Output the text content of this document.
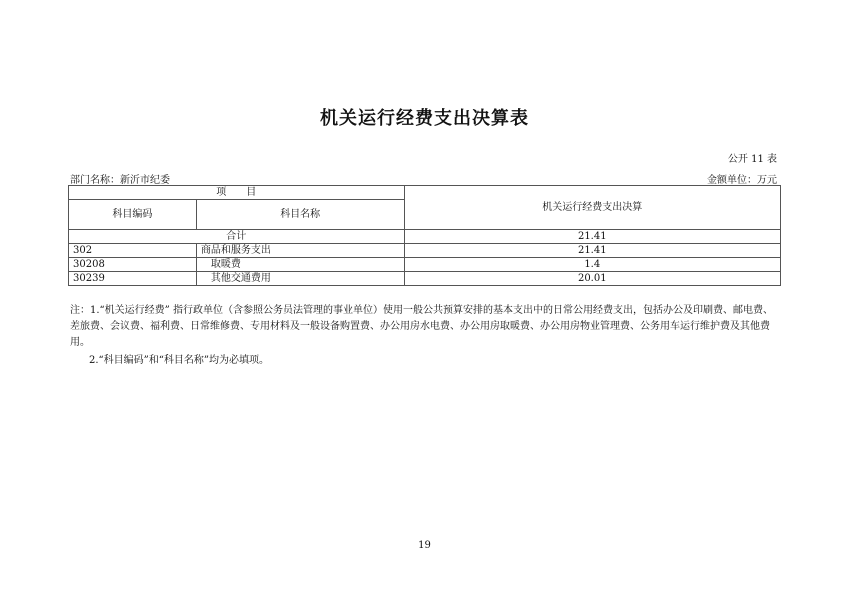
机关运行经费支出决算表
公开 11 表
部门名称：新沂市纪委	金额单位：万元
项　　目		机关运行经费支出决算
科目编码	科目名称	
合计		21.41
302	商品和服务支出	21.41
30208	取暖费	1.4
30239	其他交通费用	20.01
注：1.“机关运行经费” 指行政单位（含参照公务员法管理的事业单位）使用一般公共预算安排的基本支出中的日常公用经费支出，包括办公及印刷费、邮电费、差旅费、会议费、福利费、日常维修费、专用材料及一般设备购置费、办公用房水电费、办公用房取暖费、办公用房物业管理费、公务用车运行维护费及其他费用。
2.“科目编码”和“科目名称”均为必填项。
19
